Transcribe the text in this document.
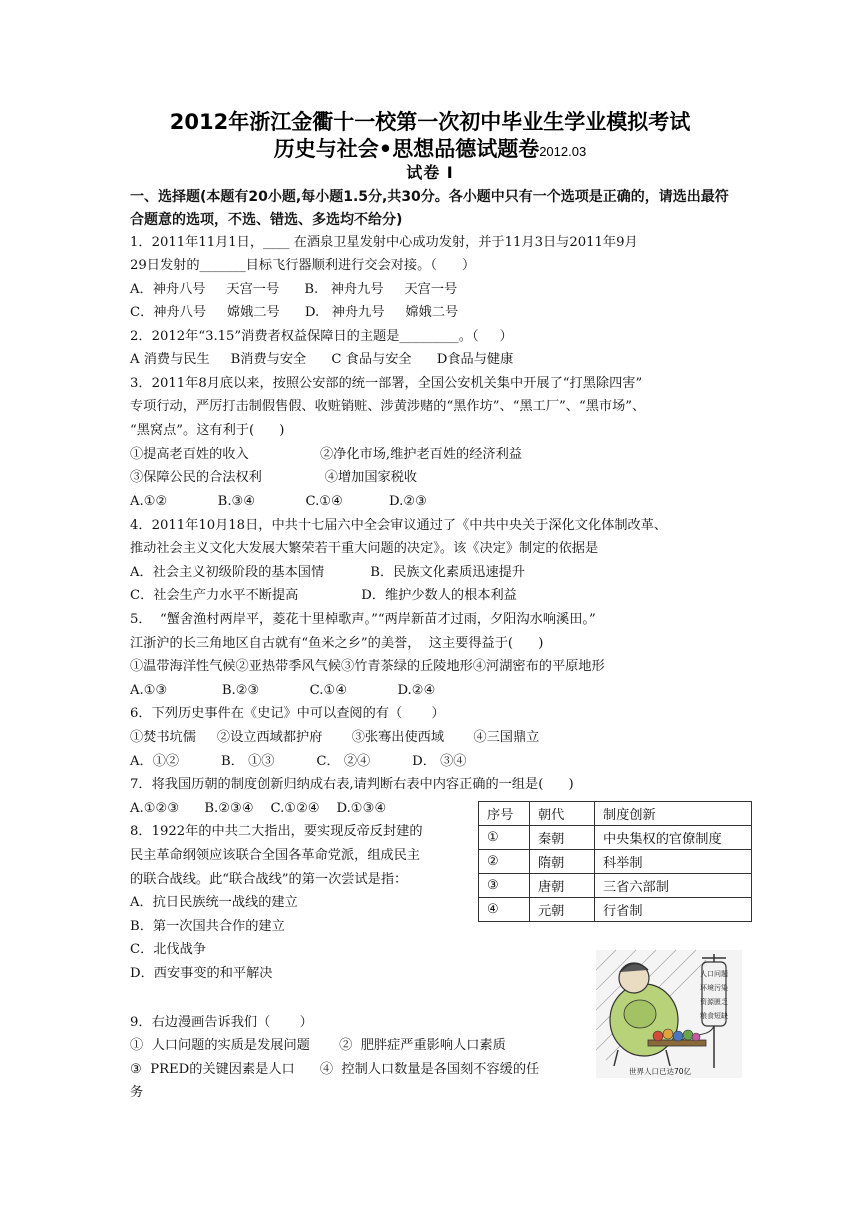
2012年浙江金衢十一校第一次初中毕业生学业模拟考试
历史与社会•思想品德试题卷2012.03
试卷 Ⅰ
一、选择题(本题有20小题,每小题1.5分,共30分。各小题中只有一个选项是正确的，请选出最符合题意的选项，不选、错选、多选均不给分)
1．2011年11月1日，____ 在酒泉卫星发射中心成功发射，并于11月3日与2011年9月
29日发射的_______目标飞行器顺利进行交会对接。（      ）
A．神舟八号     天宫一号      B.   神舟九号     天宫一号
C．神舟八号     嫦娥二号      D.   神舟九号     嫦娥二号
2．2012年“3.15”消费者权益保障日的主题是_________。（     ）
A 消费与民生     B消费与安全      C 食品与安全      D食品与健康
3．2011年8月底以来，按照公安部的统一部署，全国公安机关集中开展了“打黑除四害”
专项行动，严厉打击制假售假、收赃销赃、涉黄涉赌的“黑作坊”、“黑工厂”、“黑市场”、
“黑窝点”。这有利于(      )
①提高老百姓的收入                 ②净化市场,维护老百姓的经济利益
③保障公民的合法权利               ④增加国家税收
A.①②            B.③④            C.①④           D.②③
4．2011年10月18日，中共十七届六中全会审议通过了《中共中央关于深化文化体制改革、
推动社会主义文化大发展大繁荣若干重大问题的决定》。该《决定》制定的依据是
A．社会主义初级阶段的基本国情           B．民族文化素质迅速提升
C．社会生产力水平不断提高               D．维护少数人的根本利益
5．  “蟹舍渔村两岸平，菱花十里棹歌声。”“两岸新苗才过雨，夕阳沟水响溪田。”
江浙沪的长三角地区自古就有“鱼米之乡”的美誉，  这主要得益于(      )
①温带海洋性气候②亚热带季风气候③竹青茶绿的丘陵地形④河湖密布的平原地形
A.①③             B.②③            C.①④            D.②④
6．下列历史事件在《史记》中可以查阅的有（       ）
①焚书坑儒     ②设立西域都护府       ③张骞出使西域       ④三国鼎立
A．①②          B． ①③          C． ②④          D． ③④
7．将我国历朝的制度创新归纳成右表,请判断右表中内容正确的一组是(      )
A.①②③      B.②③④    C.①②④    D.①③④
8．1922年的中共二大指出，要实现反帝反封建的
民主革命纲领应该联合全国各革命党派，组成民主
的联合战线。此“联合战线”的第一次尝试是指：
A．抗日民族统一战线的建立
B．第一次国共合作的建立
C．北伐战争
D．西安事变的和平解决
9．右边漫画告诉我们（       ）
①  人口问题的实质是发展问题       ②  肥胖症严重影响人口素质
③  PRED的关键因素是人口      ④  控制人口数量是各国刻不容缓的任
务
序号	朝代	制度创新
①	秦朝	中央集权的官僚制度
②	隋朝	科举制
③	唐朝	三省六部制
④	元朝	行省制
人口问题
环境污染
资源匮乏
粮食短缺
世界人口已达70亿
